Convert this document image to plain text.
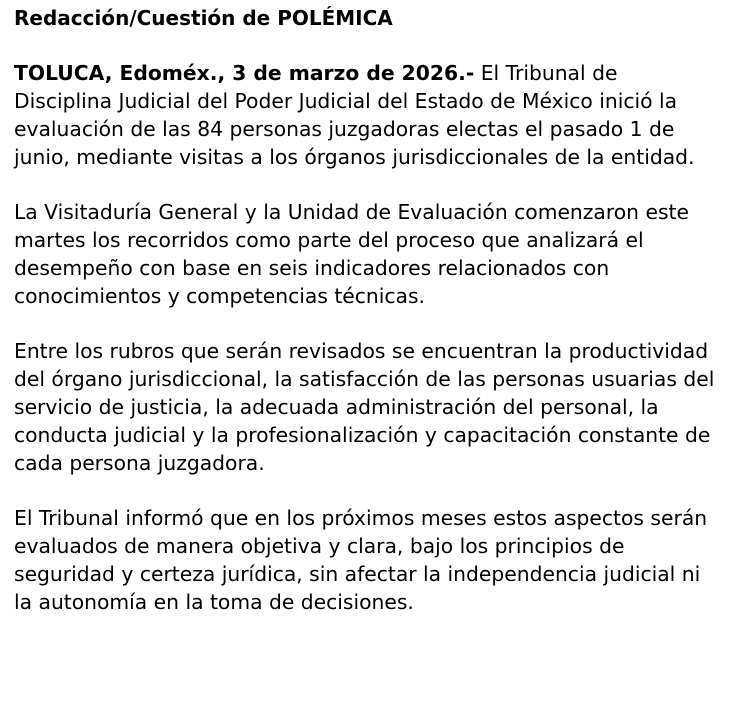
Redacción/Cuestión de POLÉMICA

TOLUCA, Edoméx., 3 de marzo de 2026.- El Tribunal de Disciplina Judicial del Poder Judicial del Estado de México inició la evaluación de las 84 personas juzgadoras electas el pasado 1 de junio, mediante visitas a los órganos jurisdiccionales de la entidad.

La Visitaduría General y la Unidad de Evaluación comenzaron este martes los recorridos como parte del proceso que analizará el desempeño con base en seis indicadores relacionados con conocimientos y competencias técnicas.

Entre los rubros que serán revisados se encuentran la productividad del órgano jurisdiccional, la satisfacción de las personas usuarias del servicio de justicia, la adecuada administración del personal, la conducta judicial y la profesionalización y capacitación constante de cada persona juzgadora.

El Tribunal informó que en los próximos meses estos aspectos serán evaluados de manera objetiva y clara, bajo los principios de seguridad y certeza jurídica, sin afectar la independencia judicial ni la autonomía en la toma de decisiones.
